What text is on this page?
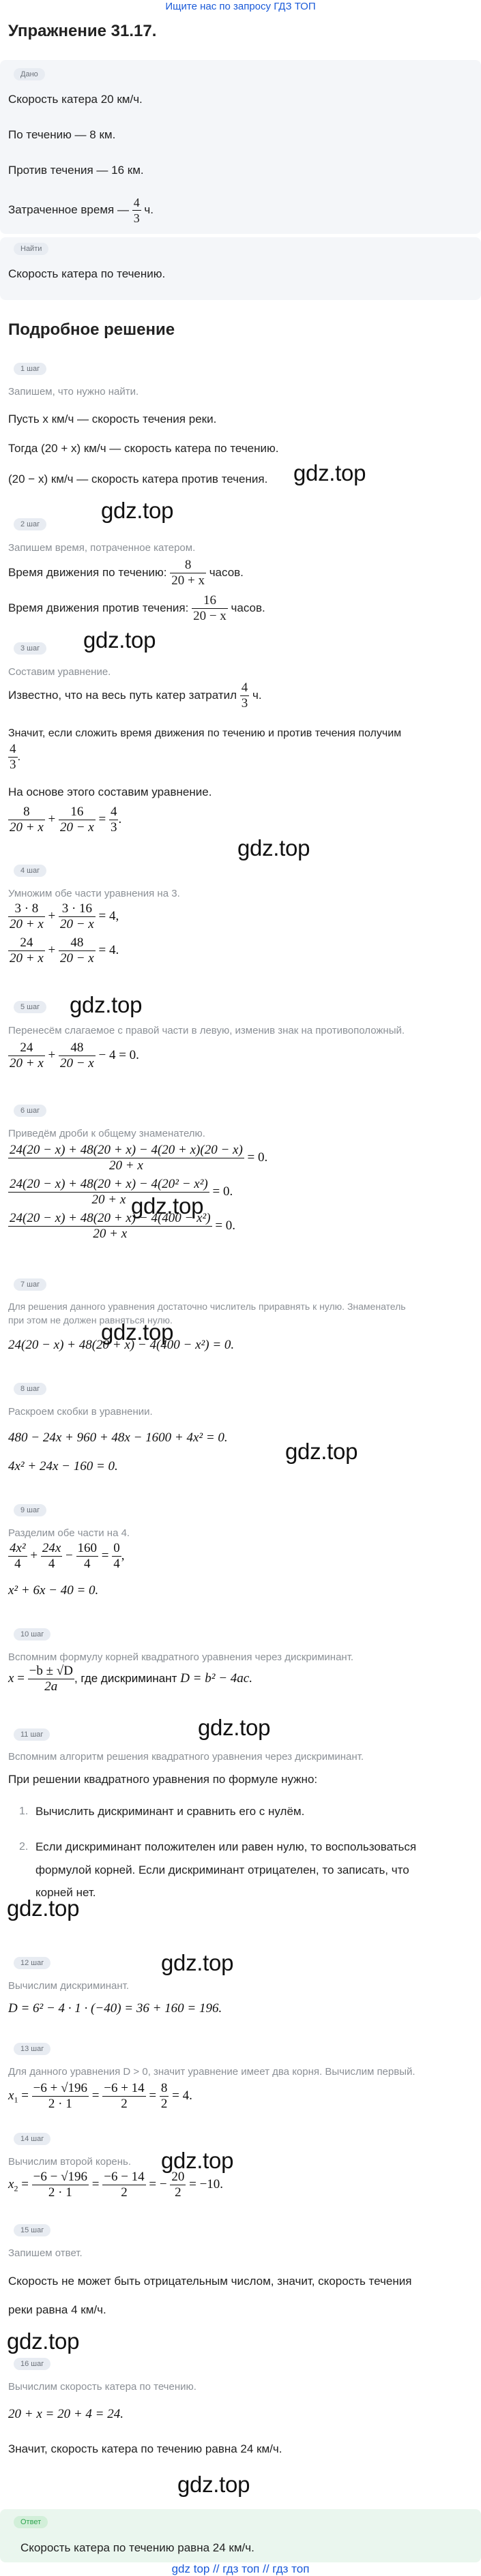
Ищите нас по запросу ГДЗ ТОП
Упражнение 31.17.
gdz.top
gdz.top
gdz.top
gdz.top
gdz.top
gdz.top
gdz.top
gdz.top
gdz.top
gdz.top
gdz.top
gdz.top
gdz.top
gdz.top
Дано
Скорость катера 20 км/ч.
По течению — 8 км.
Против течения — 16 км.
Затраченное время — $\frac{4}{3} ч$.
Найти
Скорость катера по течению.
Подробное решение
1 шаг
Запишем, что нужно найти.
Пусть x км/ч — скорость течения реки.
Тогда (20 + x) км/ч — скорость катера по течению.
(20 − x) км/ч — скорость катера против течения.
2 шаг
Запишем время, потраченное катером.
Время движения по течению: $\frac{8}{20 + x}$ часов.
Время движения против течения: $\frac{16}{20 - x}$ часов.
3 шаг
Составим уравнение.
Известно, что на весь путь катер затратил $\frac{4}{3} ч$.
Значит, если сложить время движения по течению и против течения получим
$\frac{4}{3}$ .
На основе этого составим уравнение.
$\frac{8}{20 + x} + \frac{16}{20 - x} = \frac{4}{3}$ .
4 шаг
Умножим обе части уравнения на 3.
$\frac{3 \cdot 8}{20 + x} + \frac{3 \cdot 16}{20 - x} = 4$,
$\frac{24}{20 + x} + \frac{48}{20 - x} = 4$.
5 шаг
Перенесём слагаемое с правой части в левую, изменив знак на противоположный.
$\frac{24}{20 + x} + \frac{48}{20 - x} - 4 = 0$.
6 шаг
Приведём дроби к общему знаменателю.
$\frac{24(20 - x) + 48(20 + x) - 4(20 + x)(20 - x)}{20 + x} = 0$.
$\frac{\text{24(20 − x) + 48(20 + x) − 4(20² − x²)}}{20 + x} = 0$.
$\frac{\text{24(20 − x) + 48(20 + x) − 4(400 − x²)}}{20 + x} = 0$.
7 шаг
Для решения данного уравнения достаточно числитель приравнять к нулю. Знаменатель
при этом не должен равняться нулю.
24(20 − x) + 48(20 + x) − 4(400 − x²) = 0.
8 шаг
Раскроем скобки в уравнении.
480 − 24x + 960 + 48x − 1600 + 4x² = 0.
4x² + 24x − 160 = 0.
9 шаг
Разделим обе части на 4.
$\frac{\text{4x²}}{4} + \frac{24x}{4} - \frac{160}{4} = \frac{0}{4}$ ,
x² + 6x − 40 = 0.
10 шаг
Вспомним формулу корней квадратного уравнения через дискриминант.
$x = \frac{-b \pm √D}{2a}$ , где дискриминант D = b² − 4ac.
11 шаг
Вспомним алгоритм решения квадратного уравнения через дискриминант.
При решении квадратного уравнения по формуле нужно:
1. Вычислить дискриминант и сравнить его с нулём.
2. Если дискриминант положителен или равен нулю, то воспользоваться
формулой корней. Если дискриминант отрицателен, то записать, что
корней нет.
12 шаг
Вычислим дискриминант.
D = 6² − 4 · 1 · (−40) = 36 + 160 = 196.
13 шаг
Для данного уравнения D > 0, значит уравнение имеет два корня. Вычислим первый.
$x_1 = \frac{-6 + √196}{2 \cdot 1} = \frac{-6 + 14}{2} = \frac{8}{2} = 4$.
14 шаг
Вычислим второй корень.
$x_2 = \frac{-6 - √196}{2 \cdot 1} = \frac{-6 - 14}{2}$ = − $\frac{20}{2} = -10$.
15 шаг
Запишем ответ.
Скорость не может быть отрицательным числом, значит, скорость течения
реки равна 4 км/ч.
16 шаг
Вычислим скорость катера по течению.
20 + x = 20 + 4 = 24.
Значит, скорость катера по течению равна 24 км/ч.
Ответ
Скорость катера по течению равна 24 км/ч.
gdz top // гдз топ // гдз топ
